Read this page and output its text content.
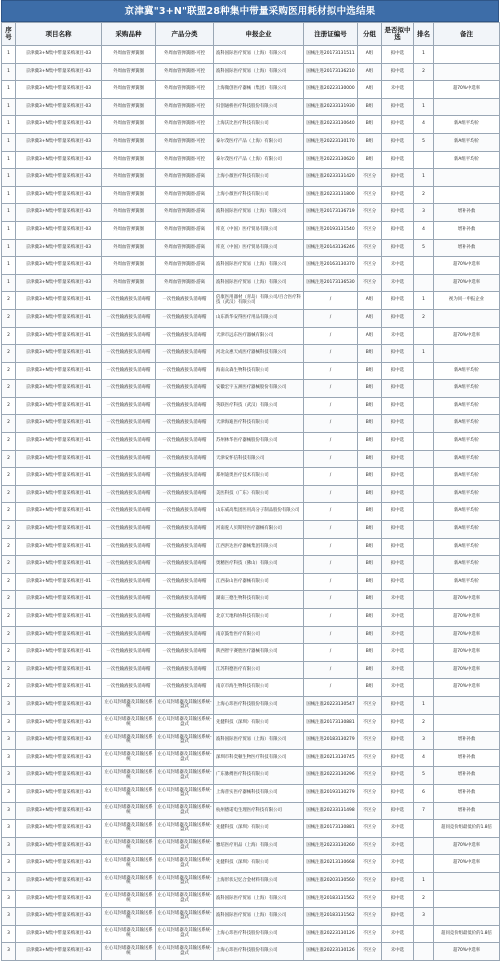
京津冀"3+N"联盟28种集中带量采购医用耗材拟中选结果
序号	项目名称	采购品种	产品分类	申报企业	注册证编号	分组	是否拟中选	排名	备注
1	京津冀3+N集中带量采购项目-03	外周血管弹簧圈	外周血管弹簧圈-可控	波科国际医疗贸易（上海）有限公司	国械注进20173131511	A组	拟中选	1	
1	京津冀3+N集中带量采购项目-03	外周血管弹簧圈	外周血管弹簧圈-可控	波科国际医疗贸易（上海）有限公司	国械注进20173136210	A组	拟中选	2	
1	京津冀3+N集中带量采购项目-03	外周血管弹簧圈	外周血管弹簧圈-可控	上海微创医疗器械（集团）有限公司	国械注准20223130000	A组	未中选		超70%中选率
1	京津冀3+N集中带量采购项目-03	外周血管弹簧圈	外周血管弹簧圈-可控	归创通桥医疗科技股份有限公司	国械注准20233131930	B组	拟中选	1	
1	京津冀3+N集中带量采购项目-03	外周血管弹簧圈	外周血管弹簧圈-可控	上海沃比医疗科技有限公司	国械注准20233130640	B组	拟中选	4	新A组平均价
1	京津冀3+N集中带量采购项目-03	外周血管弹簧圈	外周血管弹簧圈-可控	泰尔茂医疗产品（上海）有限公司	国械注进20223130170	B组	拟中选	5	新A组平均价
1	京津冀3+N集中带量采购项目-03	外周血管弹簧圈	外周血管弹簧圈-可控	泰尔茂医疗产品（上海）有限公司	国械注进20223130620	B组	拟中选		新A组平均价
1	京津冀3+N集中带量采购项目-03	外周血管弹簧圈	外周血管弹簧圈-游离	上海小薇医疗科技有限公司	国械注准20233131420	不区分	拟中选	1	
1	京津冀3+N集中带量采购项目-03	外周血管弹簧圈	外周血管弹簧圈-游离	上海小薇医疗科技有限公司	国械注准20233131800	不区分	拟中选	2	
1	京津冀3+N集中带量采购项目-03	外周血管弹簧圈	外周血管弹簧圈-游离	波科国际医疗贸易（上海）有限公司	国械注进20173136719	不区分	拟中选	3	增补补救
1	京津冀3+N集中带量采购项目-03	外周血管弹簧圈	外周血管弹簧圈-游离	库克（中国）医疗贸易有限公司	国械注进20193131540	不区分	拟中选	4	增补补救
1	京津冀3+N集中带量采购项目-03	外周血管弹簧圈	外周血管弹簧圈-游离	库克（中国）医疗贸易有限公司	国械注进20143136246	不区分	拟中选	5	增补补救
1	京津冀3+N集中带量采购项目-03	外周血管弹簧圈	外周血管弹簧圈-游离	波科国际医疗贸易（上海）有限公司	国械注进20163130370	不区分	未中选		超70%中选率
1	京津冀3+N集中带量采购项目-03	外周血管弹簧圈	外周血管弹簧圈-游离	波科国际医疗贸易（上海）有限公司	国械注进20173136530	不区分	未中选		超70%中选率
2	京津冀3+N集中带量采购项目-01	一次性输液接头消毒帽	一次性输液接头消毒帽	倍康医用器材（青岛）有限公司/百合医疗科技（武汉）有限公司	/	A组	拟中选	1	视为同一申报企业
2	京津冀3+N集中带量采购项目-01	一次性输液接头消毒帽	一次性输液接头消毒帽	山东新华安得医疗用品有限公司	/	A组	拟中选	2	
2	京津冀3+N集中带量采购项目-01	一次性输液接头消毒帽	一次性输液接头消毒帽	天津市远东医疗器械有限公司	/	A组	未中选		超70%中选率
2	京津冀3+N集中带量采购项目-01	一次性输液接头消毒帽	一次性输液接头消毒帽	河北众惠天成医疗器械科技有限公司	/	B组	拟中选	1	
2	京津冀3+N集中带量采购项目-01	一次性输液接头消毒帽	一次性输液接头消毒帽	海南众森生物科技有限公司	/	B组	拟中选		新A组平均价
2	京津冀3+N集中带量采购项目-01	一次性输液接头消毒帽	一次性输液接头消毒帽	安徽宏宇五洲医疗器械股份有限公司	/	B组	拟中选		新A组平均价
2	京津冀3+N集中带量采购项目-01	一次性输液接头消毒帽	一次性输液接头消毒帽	英联医疗科技（武汉）有限公司	/	B组	拟中选		新A组平均价
2	京津冀3+N集中带量采购项目-01	一次性输液接头消毒帽	一次性输液接头消毒帽	天津海迪医疗科技有限公司	/	B组	拟中选		新A组平均价
2	京津冀3+N集中带量采购项目-01	一次性输液接头消毒帽	一次性输液接头消毒帽	苏州林华医疗器械股份有限公司	/	B组	拟中选		新A组平均价
2	京津冀3+N集中带量采购项目-01	一次性输液接头消毒帽	一次性输液接头消毒帽	天津安怀信科技有限公司	/	B组	拟中选		新A组平均价
2	京津冀3+N集中带量采购项目-01	一次性输液接头消毒帽	一次性输液接头消毒帽	郑州迪奥医疗技术有限公司	/	B组	拟中选		新A组平均价
2	京津冀3+N集中带量采购项目-01	一次性输液接头消毒帽	一次性输液接头消毒帽	美医科技（广东）有限公司	/	B组	拟中选		新A组平均价
2	京津冀3+N集中带量采购项目-01	一次性输液接头消毒帽	一次性输液接头消毒帽	山东威高集团医用高分子制品股份有限公司	/	B组	拟中选		新A组平均价
2	京津冀3+N集中带量采购项目-01	一次性输液接头消毒帽	一次性输液接头消毒帽	河南驼人贝斯特医疗器械有限公司	/	B组	拟中选		新A组平均价
2	京津冀3+N集中带量采购项目-01	一次性输液接头消毒帽	一次性输液接头消毒帽	江西洪达医疗器械集团有限公司	/	B组	拟中选		新A组平均价
2	京津冀3+N集中带量采购项目-01	一次性输液接头消毒帽	一次性输液接头消毒帽	奥精医疗科技（佛山）有限公司	/	B组	拟中选		新A组平均价
2	京津冀3+N集中带量采购项目-01	一次性输液接头消毒帽	一次性输液接头消毒帽	江西泰山医疗器械有限公司	/	B组	拟中选		新A组平均价
2	京津冀3+N集中带量采购项目-01	一次性输液接头消毒帽	一次性输液接头消毒帽	湖南三德生物科技有限公司	/	B组	未中选		超70%中选率
2	京津冀3+N集中带量采购项目-01	一次性输液接头消毒帽	一次性输液接头消毒帽	北京天地和协科技有限公司	/	B组	未中选		超70%中选率
2	京津冀3+N集中带量采购项目-01	一次性输液接头消毒帽	一次性输液接头消毒帽	南京鼓怡医疗有限公司	/	B组	未中选		超70%中选率
2	京津冀3+N集中带量采购项目-01	一次性输液接头消毒帽	一次性输液接头消毒帽	陕西智宇赛胜医疗器械有限公司	/	B组	未中选		超70%中选率
2	京津冀3+N集中带量采购项目-01	一次性输液接头消毒帽	一次性输液接头消毒帽	江苏科德医疗有限公司	/	B组	未中选		超70%中选率
2	京津冀3+N集中带量采购项目-01	一次性输液接头消毒帽	一次性输液接头消毒帽	南京市海生物科技有限公司	/	B组	未中选		超70%中选率
3	京津冀3+N集中带量采购项目-03	左心耳封堵器及其输送系统	左心耳封堵器及其输送系统-盘式	上海心玮医疗科技股份有限公司	国械注准20223130547	不区分	拟中选	1	
3	京津冀3+N集中带量采购项目-03	左心耳封堵器及其输送系统	左心耳封堵器及其输送系统-盘式	先健科技（深圳）有限公司	国械注准20173130881	不区分	拟中选	2	
3	京津冀3+N集中带量采购项目-03	左心耳封堵器及其输送系统	左心耳封堵器及其输送系统-盘式	波科国际医疗贸易（上海）有限公司	国械注进20183130279	不区分	拟中选	3	增补补救
3	京津冀3+N集中带量采购项目-03	左心耳封堵器及其输送系统	左心耳封堵器及其输送系统-盘式	深圳市科奕顿生物医疗科技有限公司	国械注准20213130745	不区分	拟中选	4	增补补救
3	京津冀3+N集中带量采购项目-03	左心耳封堵器及其输送系统	左心耳封堵器及其输送系统-盘式	广东脉搏医疗科技有限公司	国械注准20223130296	不区分	拟中选	5	增补补救
3	京津冀3+N集中带量采购项目-03	左心耳封堵器及其输送系统	左心耳封堵器及其输送系统-盘式	上海普实医疗器械科技有限公司	国械注准20193130279	不区分	拟中选	6	增补补救
3	京津冀3+N集中带量采购项目-03	左心耳封堵器及其输送系统	左心耳封堵器及其输送系统-盘式	杭州德诺电生理医疗科技有限公司	国械注准20233131498	不区分	拟中选	7	增补补救
3	京津冀3+N集中带量采购项目-03	左心耳封堵器及其输送系统	左心耳封堵器及其输送系统-盘式	先健科技（深圳）有限公司	国械注准20173130881	不区分	未中选		超同竞价组最低价的1.8倍
3	京津冀3+N集中带量采购项目-03	左心耳封堵器及其输送系统	左心耳封堵器及其输送系统-盘式	雅培医疗用品（上海）有限公司	国械注进20233130260	不区分	未中选		超70%中选率
3	京津冀3+N集中带量采购项目-03	左心耳封堵器及其输送系统	左心耳封堵器及其输送系统-盘式	先健科技（深圳）有限公司	国械注准20213130668	不区分	未中选		超70%中选率
3	京津冀3+N集中带量采购项目-03	左心耳封堵器及其输送系统	左心耳封堵器及其输送系统-盘式	上海形状记忆合金材料有限公司	国械注准20203130560	不区分	拟中选	1	
3	京津冀3+N集中带量采购项目-03	左心耳封堵器及其输送系统	左心耳封堵器及其输送系统-盘式	波科国际医疗贸易（上海）有限公司	国械注进20183131562	不区分	拟中选	2	
3	京津冀3+N集中带量采购项目-03	左心耳封堵器及其输送系统	左心耳封堵器及其输送系统-盘式	波科国际医疗贸易（上海）有限公司	国械注进20183131562	不区分	拟中选	3	
3	京津冀3+N集中带量采购项目-03	左心耳封堵器及其输送系统	左心耳封堵器及其输送系统-盘式	上海心玮医疗科技股份有限公司	国械注准20223130126	不区分	未中选		超同竞价组最低价的1.8倍
3	京津冀3+N集中带量采购项目-03	左心耳封堵器及其输送系统	左心耳封堵器及其输送系统-盘式	上海心玮医疗科技股份有限公司	国械注准20223130126	不区分	未中选		超70%中选率
